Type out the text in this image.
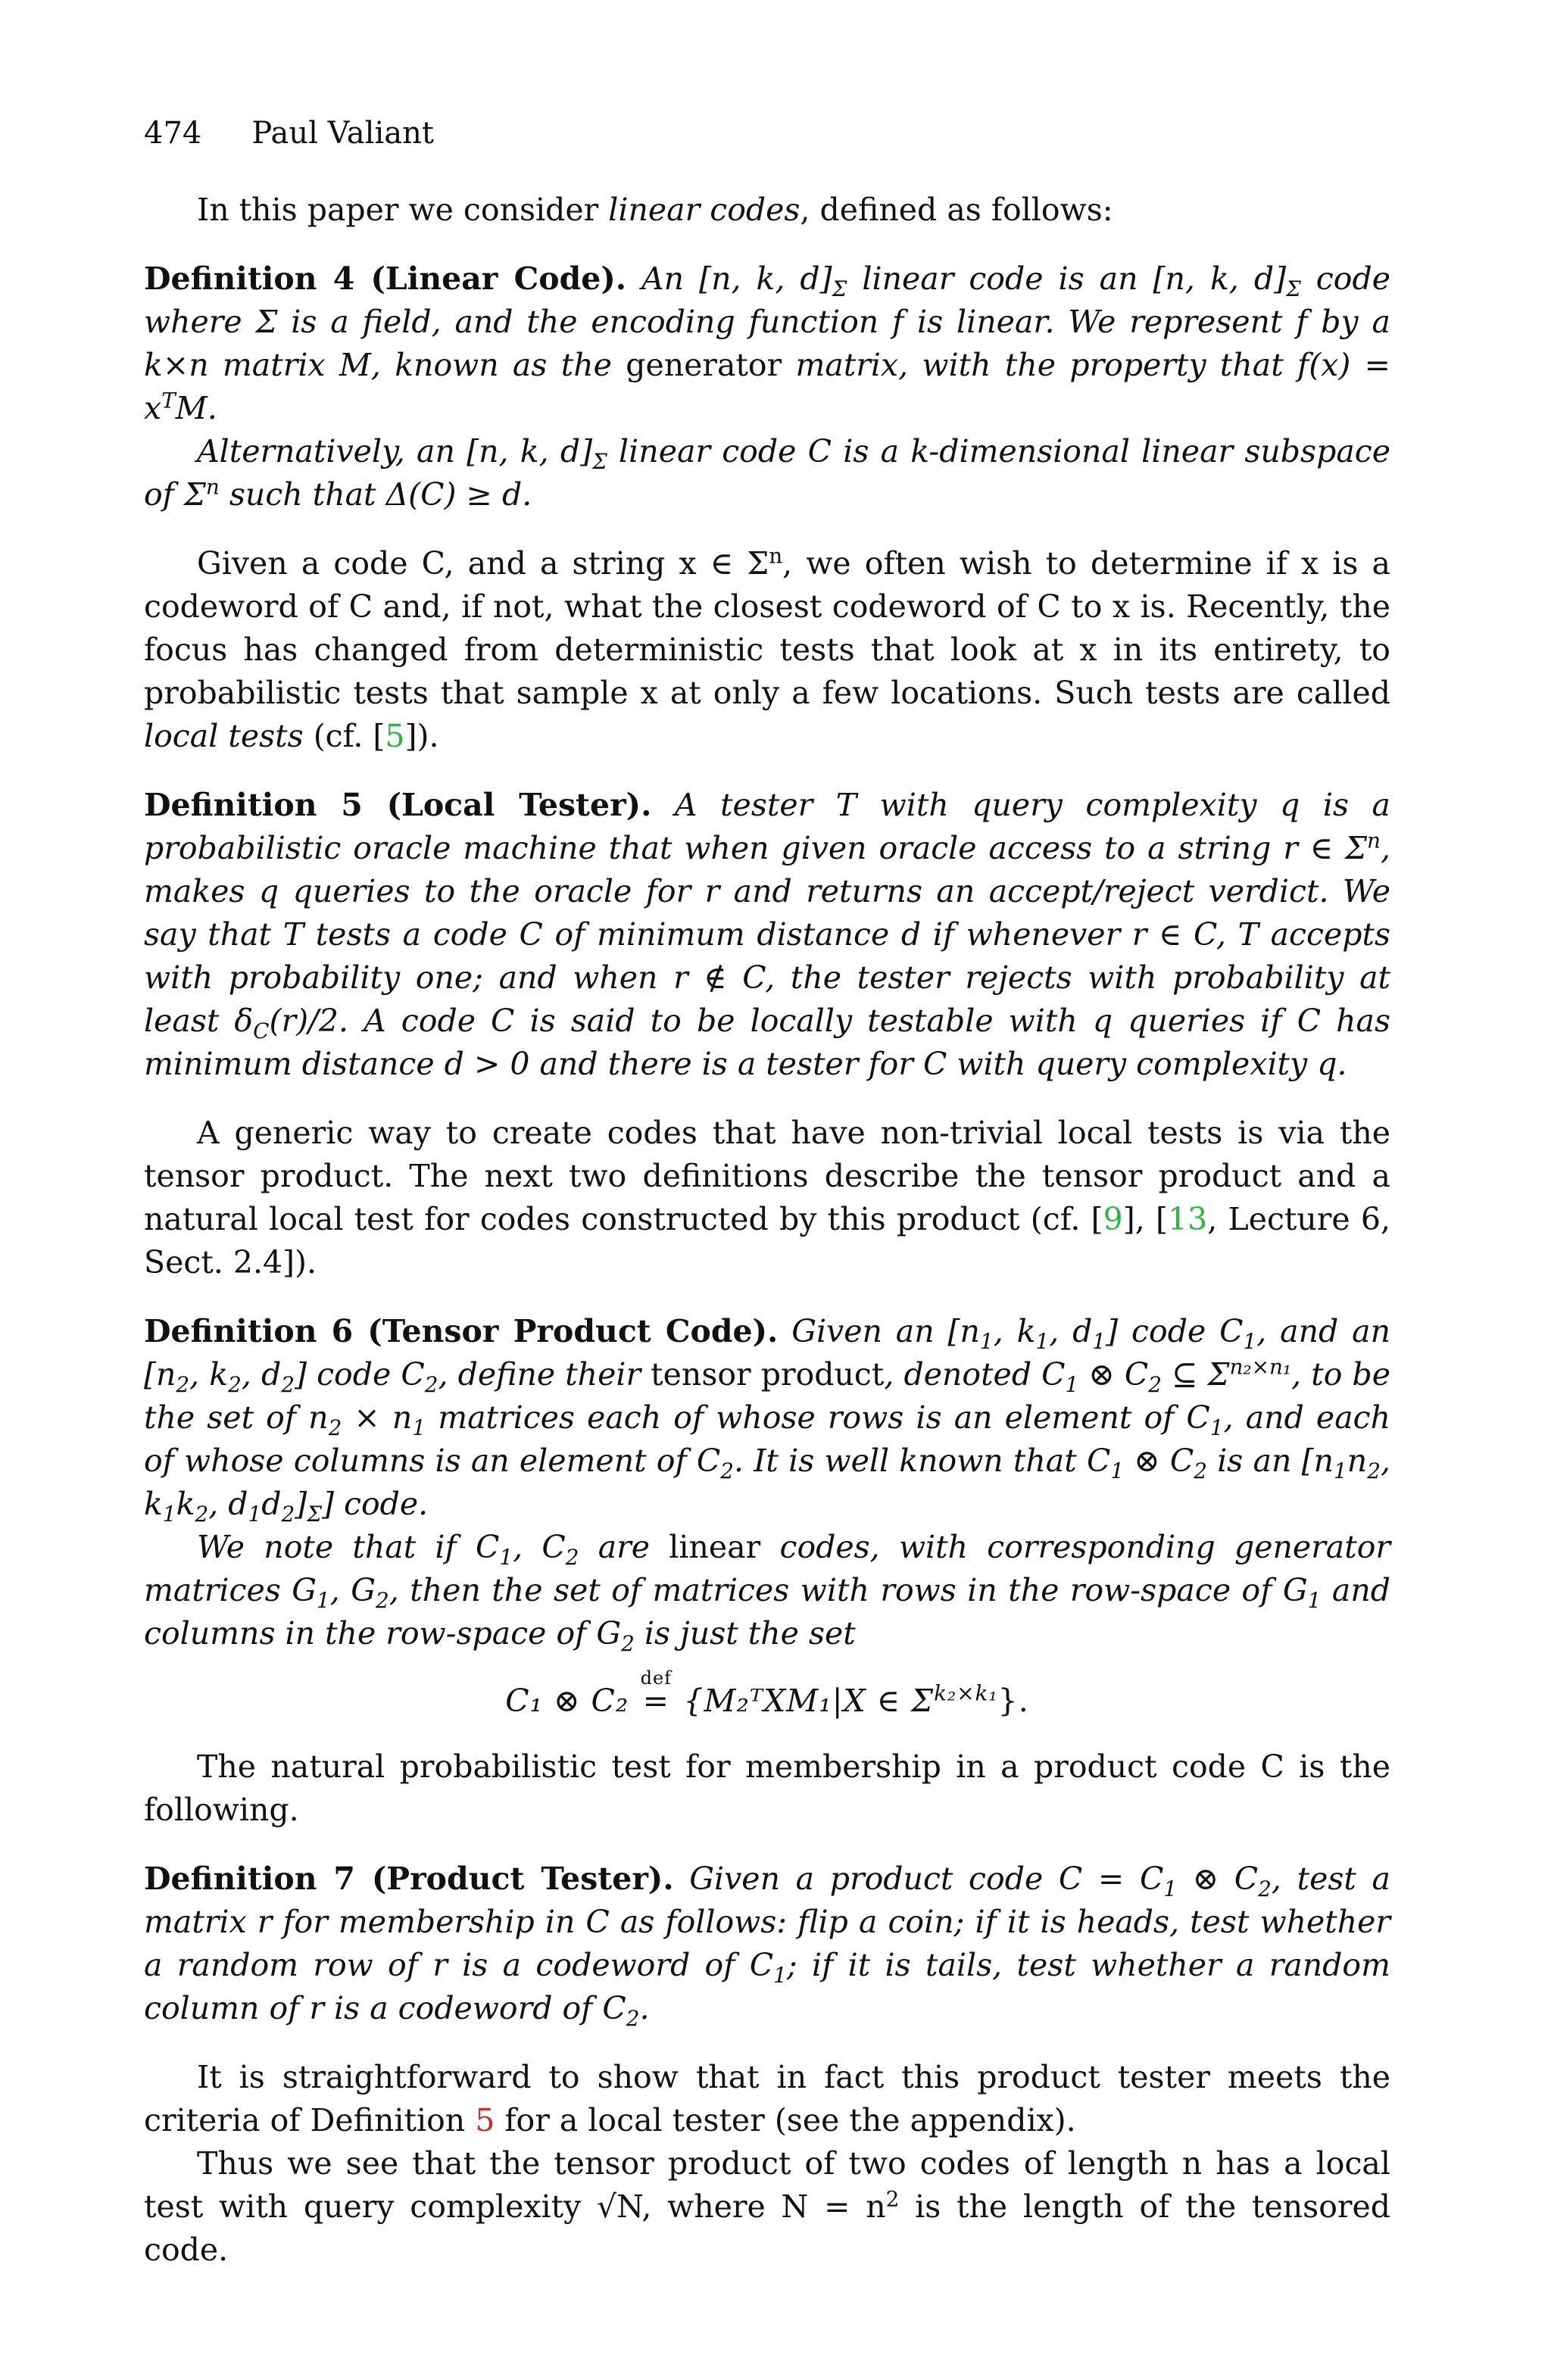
474 Paul Valiant

In this paper we consider linear codes, defined as follows:

Definition 4 (Linear Code). An [n, k, $d]_\Sigma$ linear code is an [n, k, $d]_\Sigma$ code where Σ is a field, and the encoding function f is linear. We represent f by a k×n matrix M, known as the generator matrix, with the property that $f(x) = x^TM$.
Alternatively, an [n, k, $d]_\Sigma$ linear code C is a k-dimensional linear subspace of $\Sigma^n$ such that Δ(C) ≥ d.

Given a code C, and a string x ∈ $\Sigma^n$, we often wish to determine if x is a codeword of C and, if not, what the closest codeword of C to x is. Recently, the focus has changed from deterministic tests that look at x in its entirety, to probabilistic tests that sample x at only a few locations. Such tests are called local tests (cf. [5]).

Definition 5 (Local Tester). A tester T with query complexity q is a probabilistic oracle machine that when given oracle access to a string r ∈ $\Sigma^n$, makes q queries to the oracle for r and returns an accept/reject verdict. We say that T tests a code C of minimum distance d if whenever r ∈ C, T accepts with probability one; and when r ∉ C, the tester rejects with probability at least $\delta_C(r)/2$. A code C is said to be locally testable with q queries if C has minimum distance d > 0 and there is a tester for C with query complexity q.

A generic way to create codes that have non-trivial local tests is via the tensor product. The next two definitions describe the tensor product and a natural local test for codes constructed by this product (cf. [9], [13, Lecture 6, Sect. 2.4]).

Definition 6 (Tensor Product Code). Given an [$n_1$, $k_1$, $d_1$] code $C_1$, and an [$n_2$, $k_2$, $d_2$] code $C_2$, define their tensor product, denoted $C_1$ ⊗ $C_2$ ⊆ $\Sigma^{n_2\times n_1}$, to be the set of $n_2 \times n_1$ matrices each of whose rows is an element of $C_1$, and each of whose columns is an element of $C_2$. It is well known that $C_1$ ⊗ $C_2$ is an [$n_1n_2$, $k_1k_2$, $d_1d_2]_\Sigma$] code.
We note that if $C_1$, $C_2$ are linear codes, with corresponding generator matrices $G_1$, $G_2$, then the set of matrices with rows in the row-space of $G_1$ and columns in the row-space of $G_2$ is just the set
C₁ ⊗ C₂ =
def
{M₂ᵀXM₁|X ∈ $\Sigma^{k_2\times k_1}$}.

The natural probabilistic test for membership in a product code C is the following.

Definition 7 (Product Tester). Given a product code $C = C_1$ ⊗ $C_2$, test a matrix r for membership in C as follows: flip a coin; if it is heads, test whether a random row of r is a codeword of $C_1$; if it is tails, test whether a random column of r is a codeword of $C_2$.

It is straightforward to show that in fact this product tester meets the criteria of Definition 5 for a local tester (see the appendix).

Thus we see that the tensor product of two codes of length n has a local test with query complexity √N, where $N = n^2$ is the length of the tensored code.
